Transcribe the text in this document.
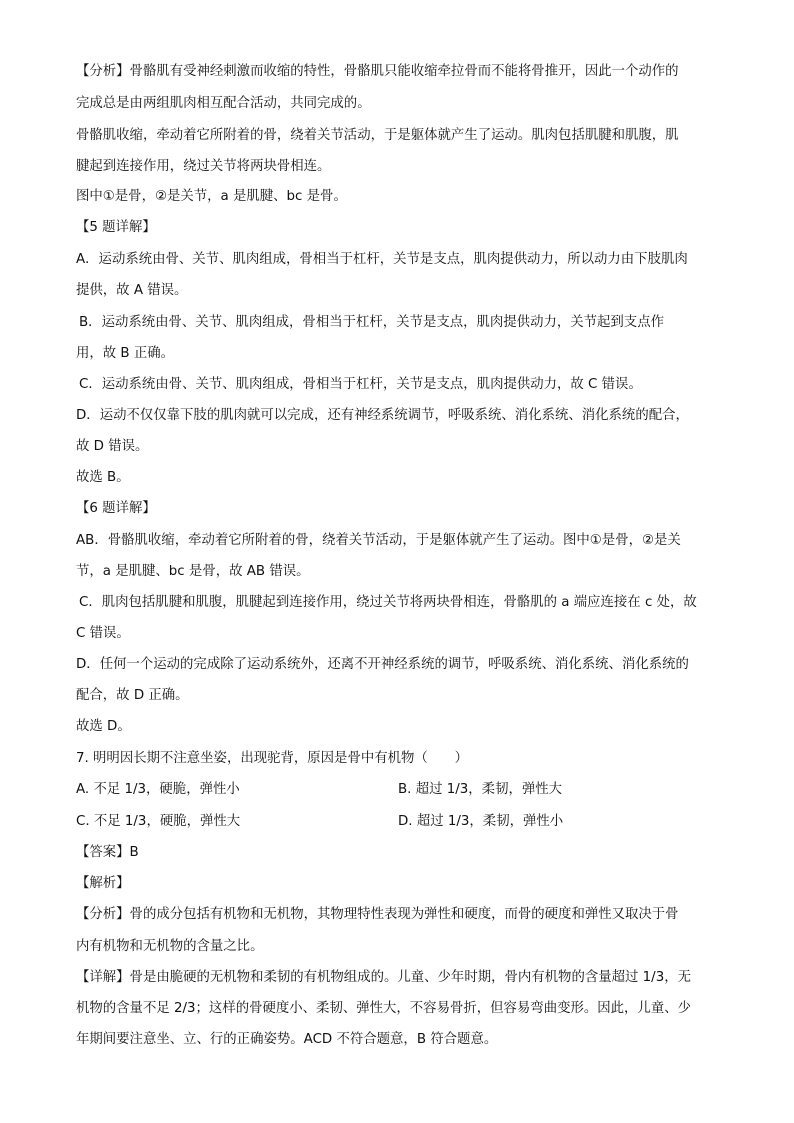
【分析】骨骼肌有受神经刺激而收缩的特性，骨骼肌只能收缩牵拉骨而不能将骨推开，因此一个动作的
完成总是由两组肌肉相互配合活动，共同完成的。
骨骼肌收缩，牵动着它所附着的骨，绕着关节活动，于是躯体就产生了运动。肌肉包括肌腱和肌腹，肌
腱起到连接作用，绕过关节将两块骨相连。
图中①是骨，②是关节，a 是肌腱、bc 是骨。
【5 题详解】
A．运动系统由骨、关节、肌肉组成，骨相当于杠杆，关节是支点，肌肉提供动力，所以动力由下肢肌肉
提供，故 A 错误。
B．运动系统由骨、关节、肌肉组成，骨相当于杠杆，关节是支点，肌肉提供动力，关节起到支点作
用，故 B 正确。
C．运动系统由骨、关节、肌肉组成，骨相当于杠杆，关节是支点，肌肉提供动力，故 C 错误。
D．运动不仅仅靠下肢的肌肉就可以完成，还有神经系统调节，呼吸系统、消化系统、消化系统的配合，
故 D 错误。
故选 B。
【6 题详解】
AB．骨骼肌收缩，牵动着它所附着的骨，绕着关节活动，于是躯体就产生了运动。图中①是骨，②是关
节，a 是肌腱、bc 是骨，故 AB 错误。
C．肌肉包括肌腱和肌腹，肌腱起到连接作用，绕过关节将两块骨相连，骨骼肌的 a 端应连接在 c 处，故
C 错误。
D．任何一个运动的完成除了运动系统外，还离不开神经系统的调节，呼吸系统、消化系统、消化系统的
配合，故 D 正确。
故选 D。
7. 明明因长期不注意坐姿，出现驼背，原因是骨中有机物（　　）
A. 不足 1/3，硬脆，弹性小	B. 超过 1/3，柔韧，弹性大
C. 不足 1/3，硬脆，弹性大	D. 超过 1/3，柔韧，弹性小
【答案】B
【解析】
【分析】骨的成分包括有机物和无机物，其物理特性表现为弹性和硬度，而骨的硬度和弹性又取决于骨
内有机物和无机物的含量之比。
【详解】骨是由脆硬的无机物和柔韧的有机物组成的。儿童、少年时期，骨内有机物的含量超过 1/3，无
机物的含量不足 2/3；这样的骨硬度小、柔韧、弹性大，不容易骨折，但容易弯曲变形。因此，儿童、少
年期间要注意坐、立、行的正确姿势。ACD 不符合题意，B 符合题意。
